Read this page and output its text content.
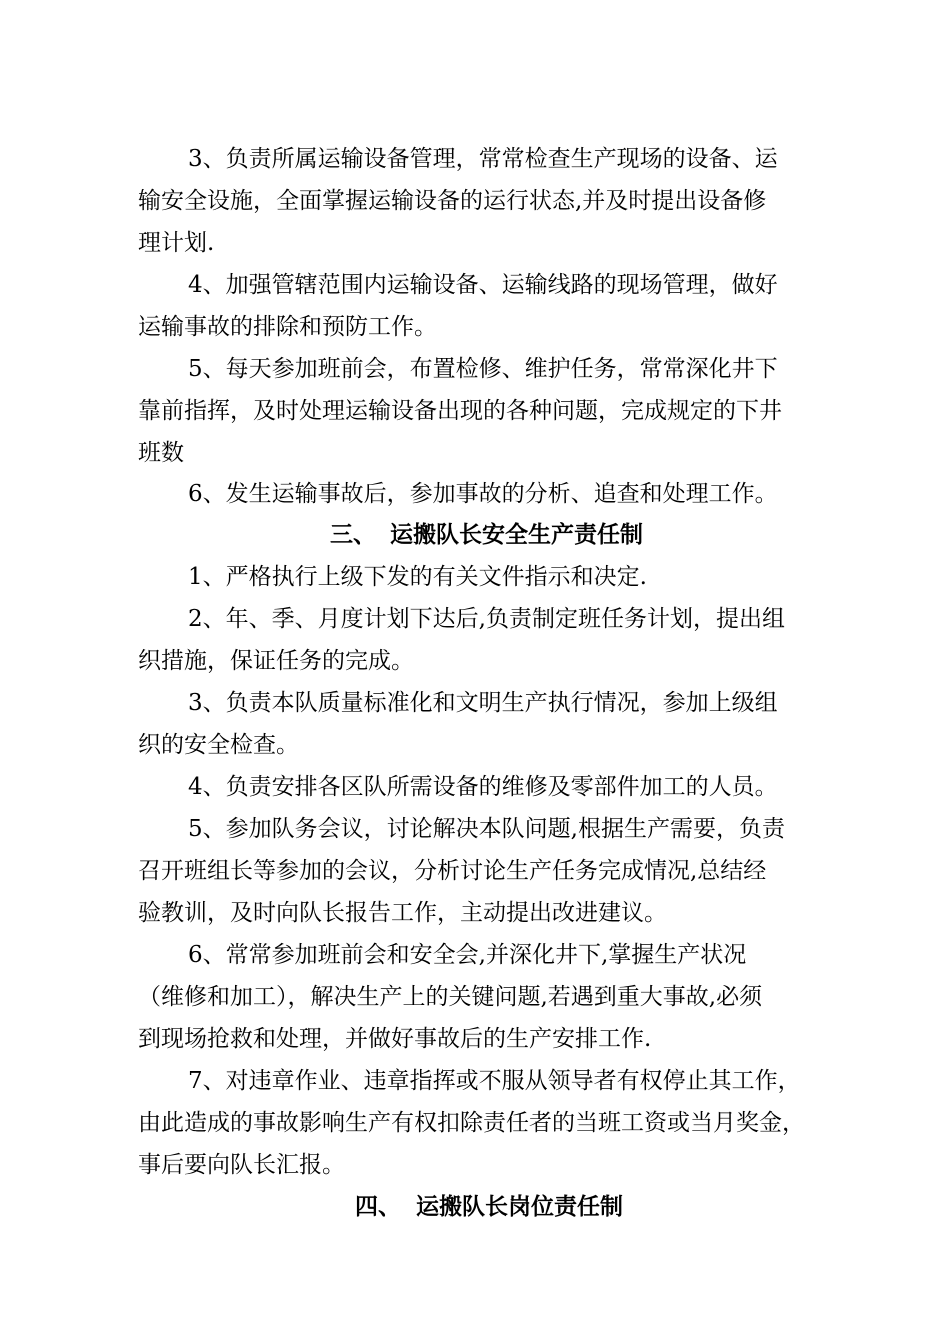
3、负责所属运输设备管理，常常检查生产现场的设备、运
输安全设施，全面掌握运输设备的运行状态,并及时提出设备修
理计划.
4、加强管辖范围内运输设备、运输线路的现场管理，做好
运输事故的排除和预防工作。
5、每天参加班前会，布置检修、维护任务，常常深化井下
靠前指挥，及时处理运输设备出现的各种问题，完成规定的下井
班数
6、发生运输事故后，参加事故的分析、追查和处理工作。
三、 运搬队长安全生产责任制
1、严格执行上级下发的有关文件指示和决定.
2、年、季、月度计划下达后,负责制定班任务计划，提出组
织措施，保证任务的完成。
3、负责本队质量标准化和文明生产执行情况，参加上级组
织的安全检查。
4、负责安排各区队所需设备的维修及零部件加工的人员。
5、参加队务会议，讨论解决本队问题,根据生产需要，负责
召开班组长等参加的会议，分析讨论生产任务完成情况,总结经
验教训，及时向队长报告工作，主动提出改进建议。
6、常常参加班前会和安全会,并深化井下,掌握生产状况
（维修和加工），解决生产上的关键问题,若遇到重大事故,必须
到现场抢救和处理，并做好事故后的生产安排工作.
7、对违章作业、违章指挥或不服从领导者有权停止其工作，
由此造成的事故影响生产有权扣除责任者的当班工资或当月奖金，
事后要向队长汇报。
四、 运搬队长岗位责任制
